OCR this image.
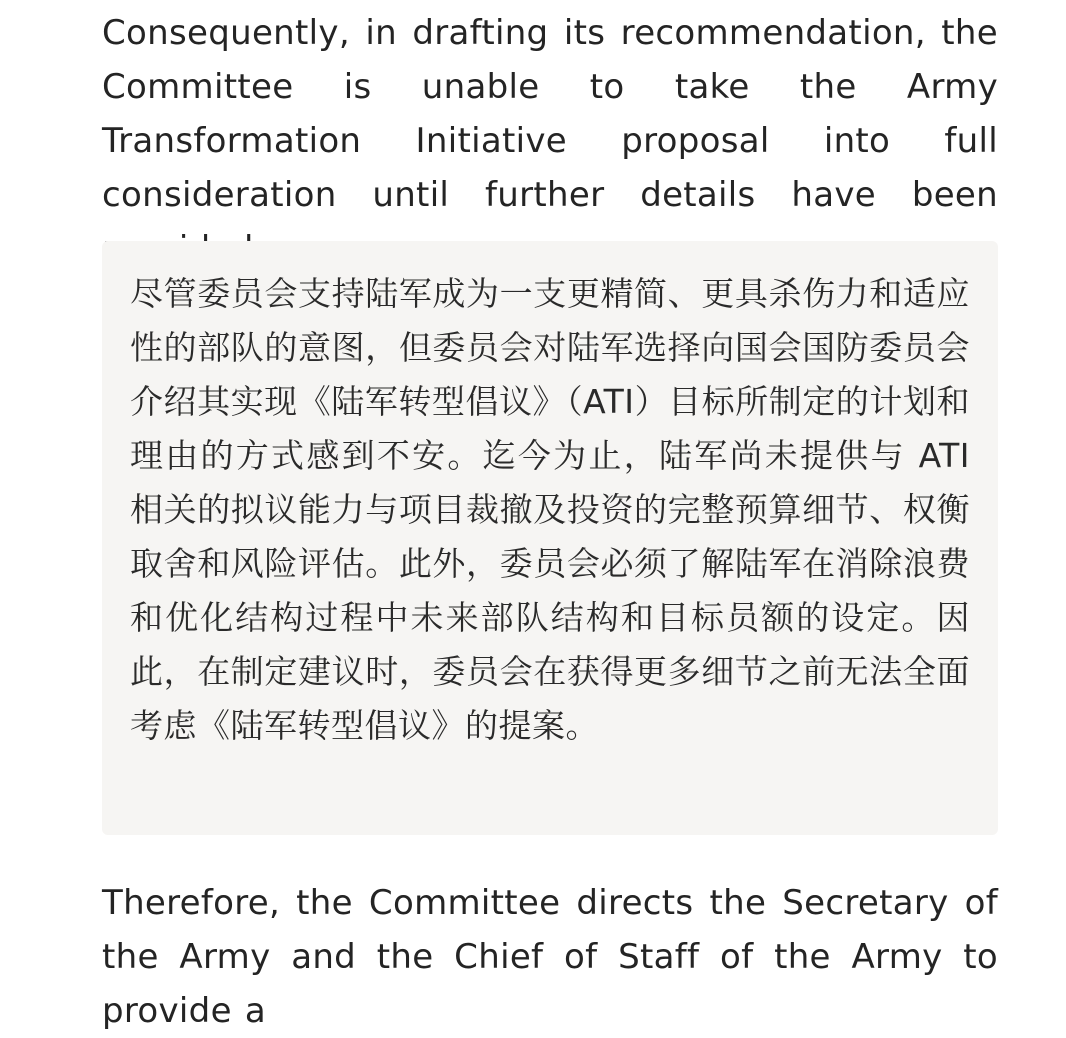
Consequently, in drafting its recommendation, the Committee is unable to take the Army Transformation Initiative proposal into full consideration until further details have been

尽管委员会支持陆军成为一支更精简、更具杀伤力和适应性的部队的意图，但委员会对陆军选择向国会国防委员会介绍其实现《陆军转型倡议》（ATI）目标所制定的计划和理由的方式感到不安。迄今为止，陆军尚未提供与 ATI 相关的拟议能力与项目裁撤及投资的完整预算细节、权衡取舍和风险评估。此外，委员会必须了解陆军在消除浪费和优化结构过程中未来部队结构和目标员额的设定。因此，在制定建议时，委员会在获得更多细节之前无法全面考虑《陆军转型倡议》的提案。

Therefore, the Committee directs the Secretary of the Army and the Chief of Staff of the Army to provide a
